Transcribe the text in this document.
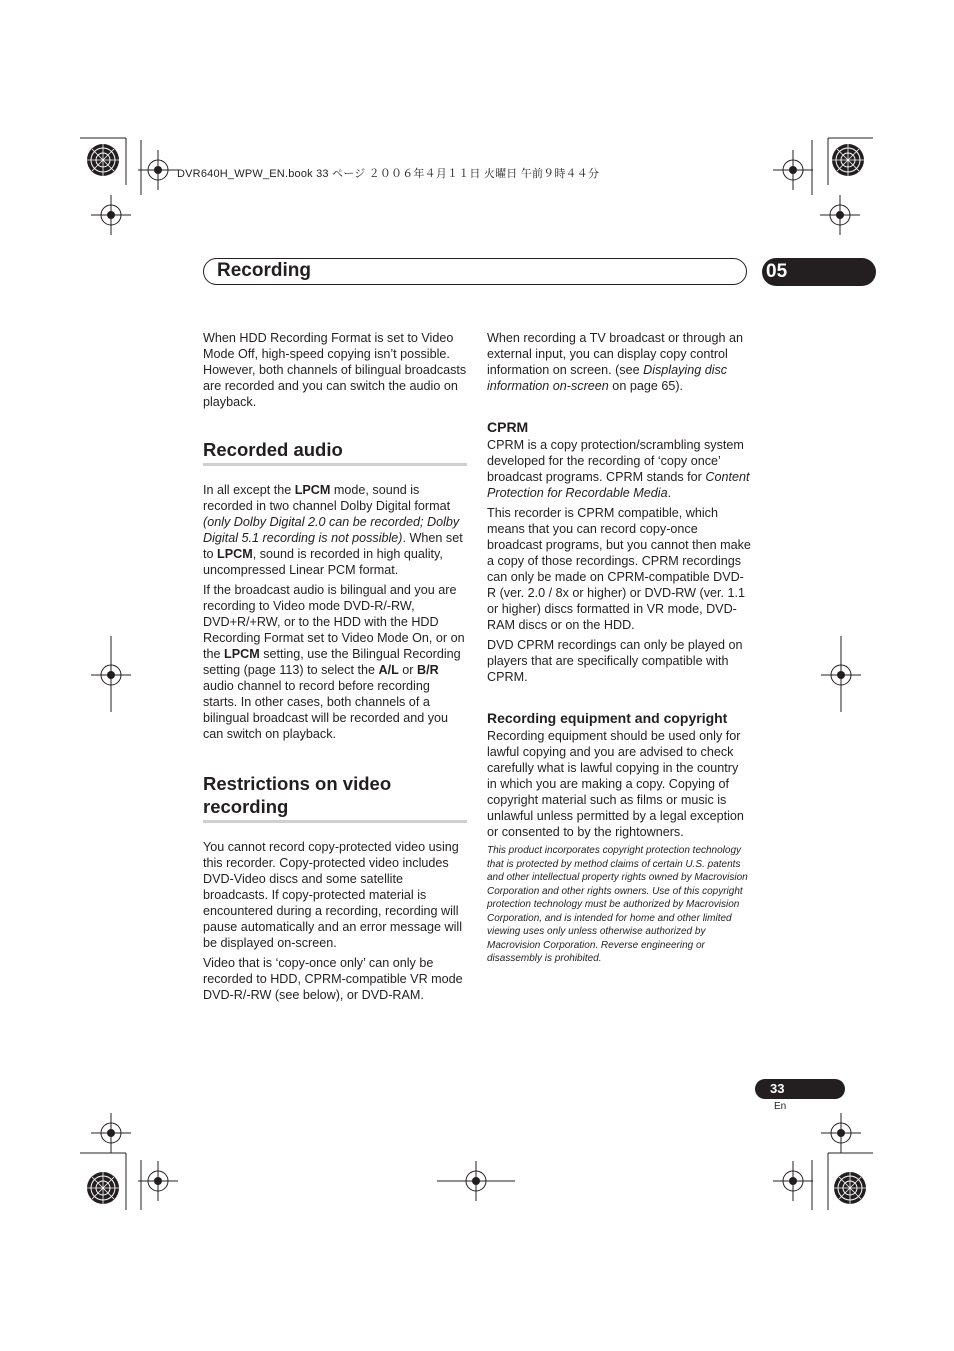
DVR640H_WPW_EN.book 33 ページ ２００６年４月１１日 火曜日 午前９時４４分
Recording	05

When HDD Recording Format is set to Video Mode Off, high-speed copying isn’t possible. However, both channels of bilingual broadcasts are recorded and you can switch the audio on playback.

Recorded audio

In all except the LPCM mode, sound is recorded in two channel Dolby Digital format (only Dolby Digital 2.0 can be recorded; Dolby Digital 5.1 recording is not possible). When set to LPCM, sound is recorded in high quality, uncompressed Linear PCM format.

If the broadcast audio is bilingual and you are recording to Video mode DVD-R/-RW, DVD+R/+RW, or to the HDD with the HDD Recording Format set to Video Mode On, or on the LPCM setting, use the Bilingual Recording setting (page 113) to select the A/L or B/R audio channel to record before recording starts. In other cases, both channels of a bilingual broadcast will be recorded and you can switch on playback.

Restrictions on video recording

You cannot record copy-protected video using this recorder. Copy-protected video includes DVD-Video discs and some satellite broadcasts. If copy-protected material is encountered during a recording, recording will pause automatically and an error message will be displayed on-screen.

Video that is ‘copy-once only’ can only be recorded to HDD, CPRM-compatible VR mode DVD-R/-RW (see below), or DVD-RAM.

When recording a TV broadcast or through an external input, you can display copy control information on screen. (see Displaying disc information on-screen on page 65).

CPRM

CPRM is a copy protection/scrambling system developed for the recording of ‘copy once’ broadcast programs. CPRM stands for Content Protection for Recordable Media.

This recorder is CPRM compatible, which means that you can record copy-once broadcast programs, but you cannot then make a copy of those recordings. CPRM recordings can only be made on CPRM-compatible DVD-R (ver. 2.0 / 8x or higher) or DVD-RW (ver. 1.1 or higher) discs formatted in VR mode, DVD-RAM discs or on the HDD.

DVD CPRM recordings can only be played on players that are specifically compatible with CPRM.

Recording equipment and copyright

Recording equipment should be used only for lawful copying and you are advised to check carefully what is lawful copying in the country in which you are making a copy. Copying of copyright material such as films or music is unlawful unless permitted by a legal exception or consented to by the rightowners.

This product incorporates copyright protection technology that is protected by method claims of certain U.S. patents and other intellectual property rights owned by Macrovision Corporation and other rights owners. Use of this copyright protection technology must be authorized by Macrovision Corporation, and is intended for home and other limited viewing uses only unless otherwise authorized by Macrovision Corporation. Reverse engineering or disassembly is prohibited.

33
En
